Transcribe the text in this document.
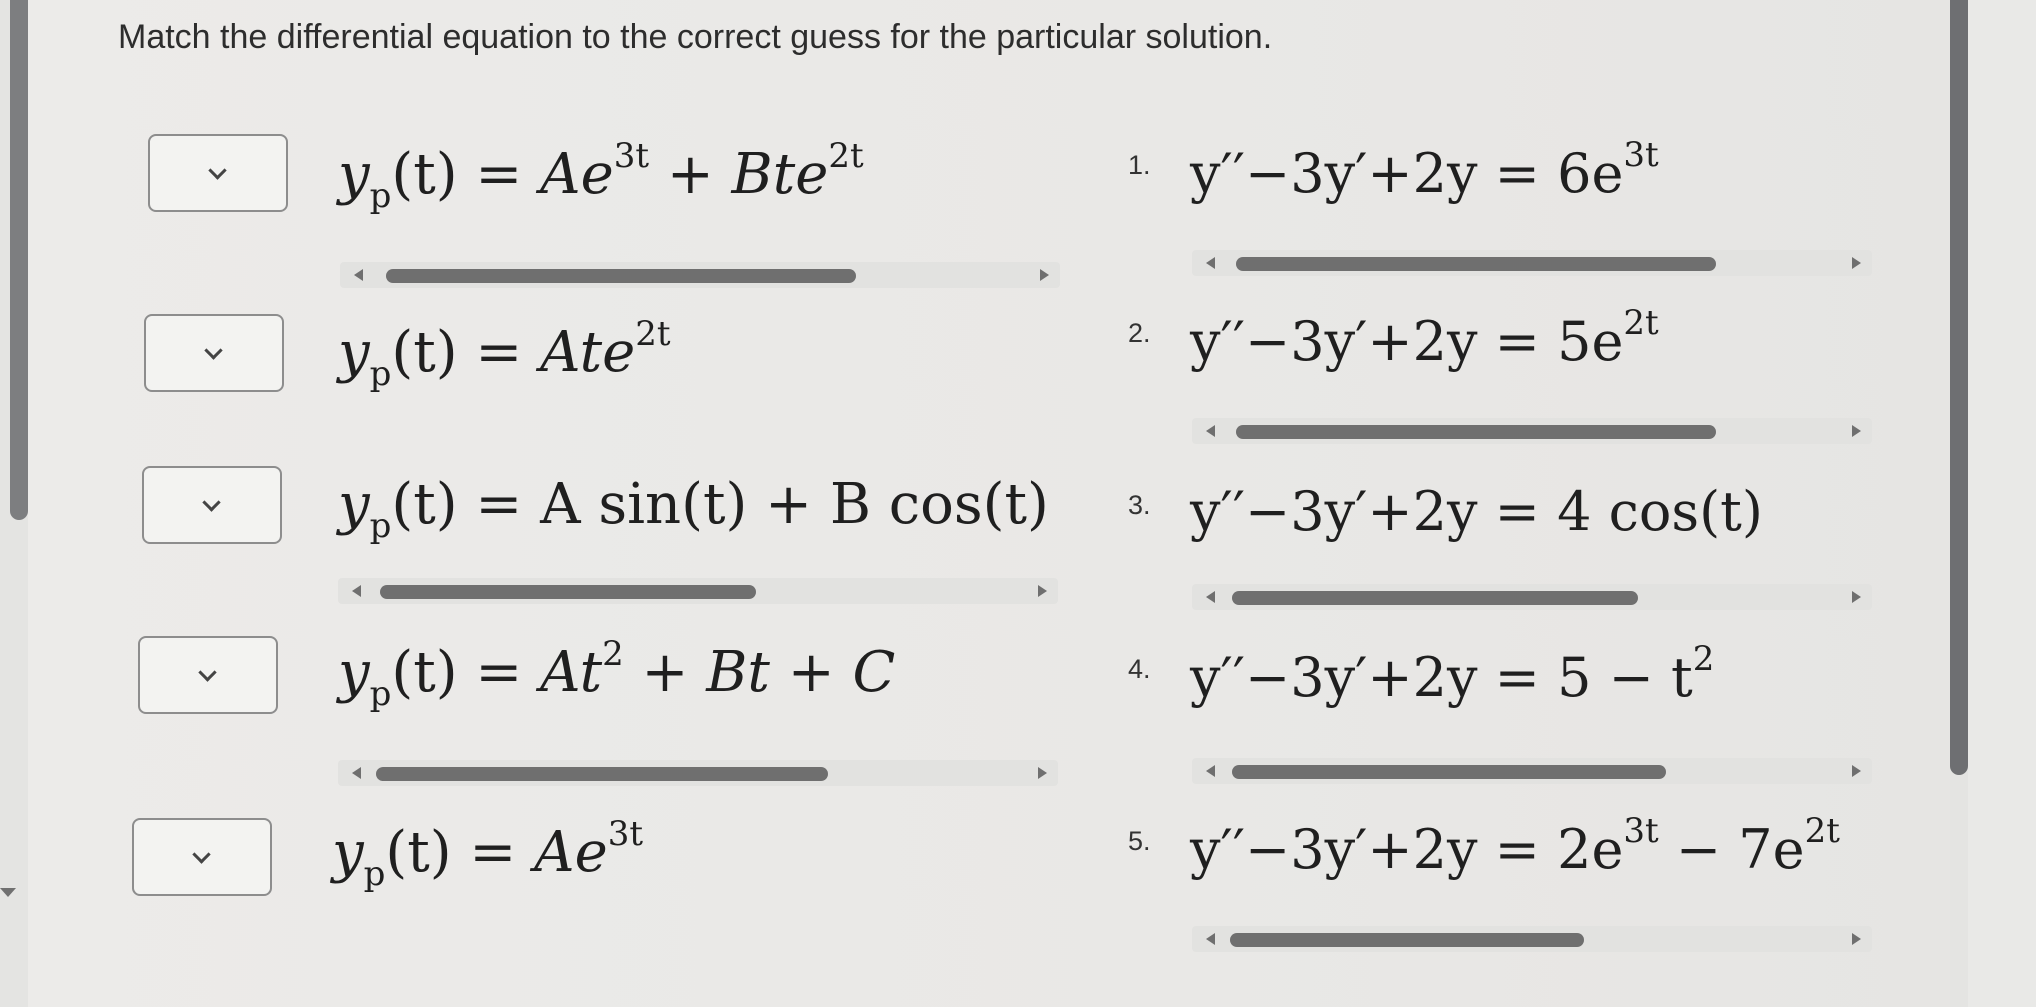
Match the differential equation to the correct guess for the particular solution.
$y_p(t) = Ae^{3t} + Bte^{2t}$	1. $y''-3y'+2y = 6e^{3t}$
$y_p(t) = Ate^{2t}$	2. $y''-3y'+2y = 5e^{2t}$
$y_p(t) = A$ sin(t) + B cos(t)	3. y′′−3y′+2y = 4 cos(t)
$y_p(t) = At^2 + Bt + C$	4. $y''-3y'+2y = 5 - t^2$
$y_p(t) = Ae^{3t}$	5. $y''-3y'+2y = 2e^{3t} - 7e^{2t}$
